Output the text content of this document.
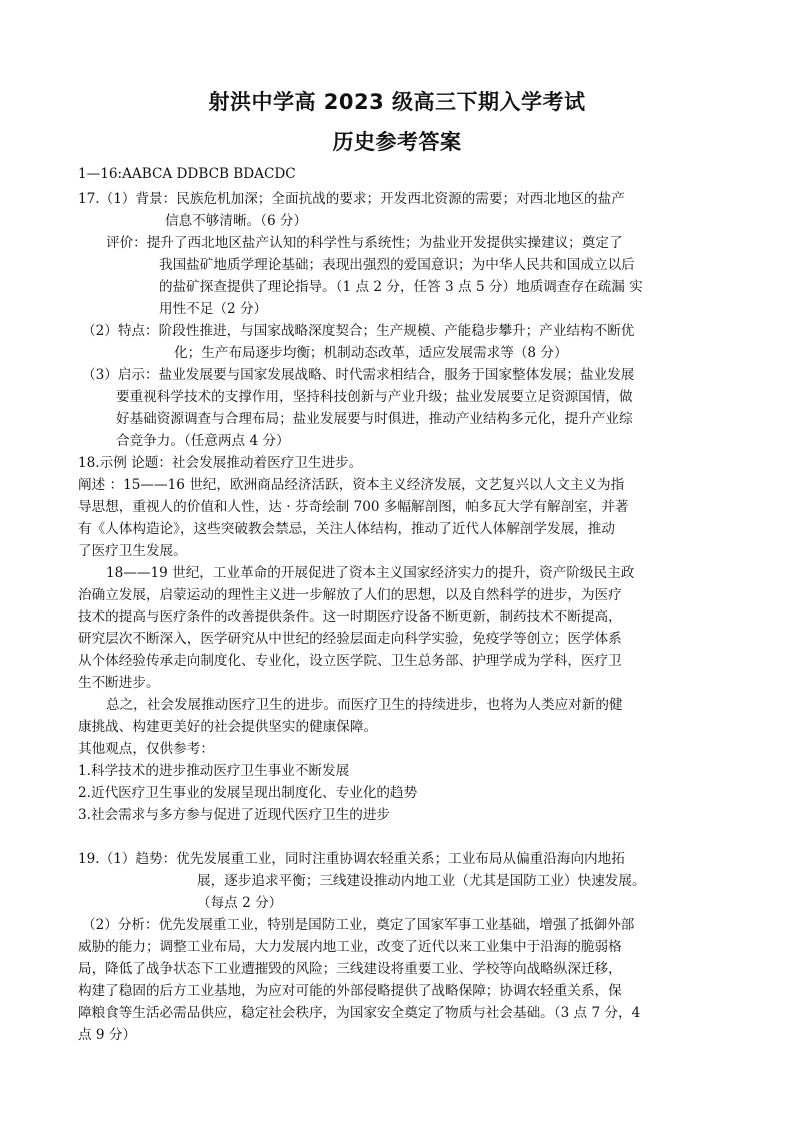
射洪中学高 2023 级高三下期入学考试
历史参考答案
1—16:AABCA DDBCB BDACDC
17.（1）背景：民族危机加深；全面抗战的要求；开发西北资源的需要；对西北地区的盐产
信息不够清晰。（6 分）
评价：提升了西北地区盐产认知的科学性与系统性；为盐业开发提供实操建议；奠定了
我国盐矿地质学理论基础；表现出强烈的爱国意识；为中华人民共和国成立以后
的盐矿探查提供了理论指导。（1 点 2 分，任答 3 点 5 分）地质调查存在疏漏 实
用性不足（2 分）
（2）特点：阶段性推进，与国家战略深度契合；生产规模、产能稳步攀升；产业结构不断优
化；生产布局逐步均衡；机制动态改革，适应发展需求等（8 分）
（3）启示：盐业发展要与国家发展战略、时代需求相结合，服务于国家整体发展；盐业发展
要重视科学技术的支撑作用，坚持科技创新与产业升级；盐业发展要立足资源国情，做
好基础资源调查与合理布局；盐业发展要与时俱进，推动产业结构多元化，提升产业综
合竞争力。（任意两点 4 分）
18.示例 论题：社会发展推动着医疗卫生进步。
阐述 ：15——16 世纪，欧洲商品经济活跃，资本主义经济发展，文艺复兴以人文主义为指
导思想，重视人的价值和人性，达 · 芬奇绘制 700 多幅解剖图，帕多瓦大学有解剖室，并著
有《人体构造论》，这些突破教会禁忌，关注人体结构，推动了近代人体解剖学发展，推动
了医疗卫生发展。
18——19 世纪，工业革命的开展促进了资本主义国家经济实力的提升，资产阶级民主政
治确立发展，启蒙运动的理性主义进一步解放了人们的思想，以及自然科学的进步，为医疗
技术的提高与医疗条件的改善提供条件。这一时期医疗设备不断更新，制药技术不断提高，
研究层次不断深入，医学研究从中世纪的经验层面走向科学实验，免疫学等创立；医学体系
从个体经验传承走向制度化、专业化，设立医学院、卫生总务部、护理学成为学科，医疗卫
生不断进步。
总之，社会发展推动医疗卫生的进步。而医疗卫生的持续进步，也将为人类应对新的健
康挑战、构建更美好的社会提供坚实的健康保障。
其他观点，仅供参考：
1.科学技术的进步推动医疗卫生事业不断发展
2.近代医疗卫生事业的发展呈现出制度化、专业化的趋势
3.社会需求与多方参与促进了近现代医疗卫生的进步
19.（1）趋势：优先发展重工业，同时注重协调农轻重关系；工业布局从偏重沿海向内地拓
展，逐步追求平衡；三线建设推动内地工业（尤其是国防工业）快速发展。
（每点 2 分）
（2）分析：优先发展重工业，特别是国防工业，奠定了国家军事工业基础，增强了抵御外部
威胁的能力；调整工业布局，大力发展内地工业，改变了近代以来工业集中于沿海的脆弱格
局，降低了战争状态下工业遭摧毁的风险；三线建设将重要工业、学校等向战略纵深迁移，
构建了稳固的后方工业基地，为应对可能的外部侵略提供了战略保障；协调农轻重关系，保
障粮食等生活必需品供应，稳定社会秩序，为国家安全奠定了物质与社会基础。（3 点 7 分，4
点 9 分）
